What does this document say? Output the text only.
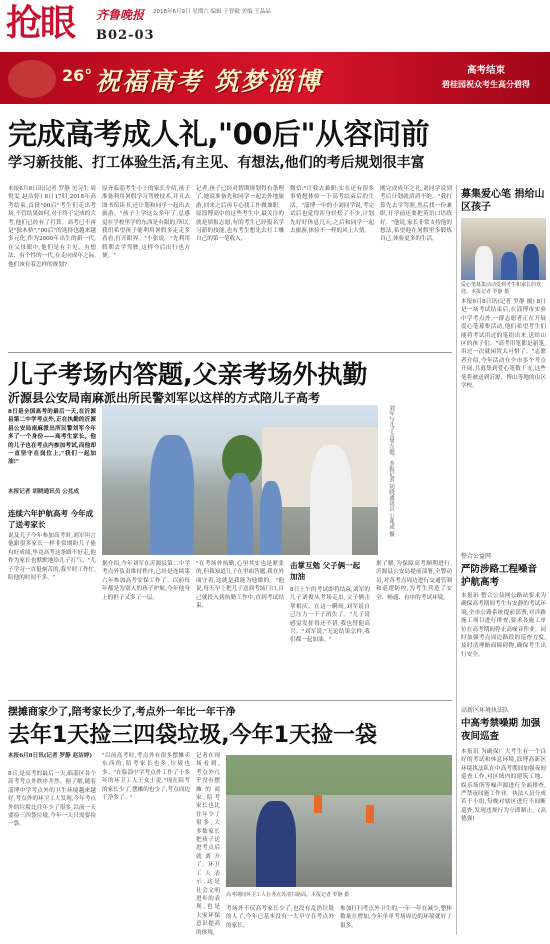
抢眼 齐鲁晚报 2018年6月9日 星期六 编辑 于智毅 美编 王晶晶
B02-03
26° 祝福高考 筑梦淄博	高考结束
碧桂园祝众考生高分碧得
完成高考成人礼,"00后"从容问前
学习新技能、打工体验生活,有主见、有想法,他们的考后规划很丰富
本报6月8日讯(记者 罗静 见习生 周悦雯 赵洁婷) 8日17时,2018年高考结束,首批"00后"考生们走出考场,不管结果如何,对于终于完成的大考,他们已经有了打算。高考已不再是"独木桥","00后"的选择也越来越多元化,作为2000年出生的新一代,在父母眼中,他们是有主见、有想法、有个性的一代,在走向成年之际,他们该有着怎样的规划?
原齐临淄考生小于的家长介绍,孩子准备利用暑假学习驾驶技术,并且去图书馆读书,还计划和同学一起出去旅游。"孩子上学这么多年了,总感觉在学校里学的东西是有限的,所以,我们希望孩子能利用暑假多走走多看看,打开眼界。"小张说。"先利用假期去学驾驶,这样今后出行也方便。"
记者,孩子已经对假期规划得有条理了,她说准备先和同学一起去外地旅游,回来之后再专心找工作做兼职。原淄博高中的这些考生中,最关注的就是填报志愿,有的考生已经报名学习新的技能,也有考生想先去打工赚自己的第一笔收入。
微信:"让我去兼职,实在还有很多事情想体验一下高考结束后的生活。"淄博一中的小刘同学说,考完试后也觉得浑身轻松了不少,计划先好好休息几天,之后和同学一起去旅游,体验不一样的风土人情。
刚完成成年之礼,刘同学说到考后计划就滔滔不绝。"我打算先去学驾照,然后找一份兼职,开学前还要把英语口语练好。"他说,家长非常支持他的想法,希望他在暑假里多锻炼自己,体验更多的生活。
募集爱心笔 捐给山区孩子
爱心笔募集活动受到考生和家长的欢迎。本报记者 罗静 摄
本报6月8日讯(记者 罗静 摄) 8日是一场考试结束后,在淄博市实验中学考点外,一群志愿者正在开展爱心笔募集活动,他们希望考生们能将考试用过的笔捐出来,送给山区的孩子们。"高考用笔都是新笔,用过一次就闲置太可惜了。"志愿者介绍,今年活动在全市多个考点开展,共募集到爱心笔数千支,这些笔将被送到沂源、博山等地的山区学校。
整合公益网
严防涉路工程噪音 护航高考
本报讯 整合公益网公路站要求为确保高考期间考生有安静的考试环境,全市公路系统提前部署,对涉路施工项目进行排查,要求各施工单位在高考期间停止高噪音作业。同时加强考点周边路段的巡查力度,及时清理路面障碍物,确保考生出行安全。
高新区环境执法队
中高考禁噪期 加强夜间巡查
本报讯 为确保广大考生有一个良好的考试和休息环境,淄博高新区环境执法队在中高考期间加强夜间巡查工作,对区域内的建筑工地、娱乐场所等噪声源进行全面排查,严禁夜间施工作业。执法人员分成若干小组,每晚对辖区进行不间断巡查,发现违规行为立即制止。(高德强)
儿子考场内答题,父亲考场外执勤
沂源县公安局南麻派出所民警刘军以这样的方式陪儿子高考
8日是全国高考的最后一天,在沂源县第二中学考点外,正在执勤的沂源县公安局南麻派出所民警刘军今年多了一个身份——高考生家长。他的儿子也在考点内参加考试,而他却一直坚守在岗位上,"我们一起加油!"
本报记者 胡晓通讯员 公兆成
连续六年护航高考 今年成了送考家长
说及儿子今年参加高考时,刘军坦言他跟很多家长一样非常期盼儿子能有好成绩,毕竟高考这条路不好走,他作为家长也默默地给儿子打气。"儿子学习一直挺刻苦的,我平时工作忙,陪他的时间不多。"
刘军与儿子击掌互勉。本报记者 胡晓通讯员 公兆成 摄
据介绍,今年刘军在沂源县第二中学考点外负责维持秩序,已经是连续第六年参加高考安保工作了。以前每年都是为别人的孩子护航,今年他身上的担子又多了一层。
"在考场外执勤,心里其实也是紧张的,但我知道儿子在里面答题,我在外面守着,这就是我能为他做的。"他说,每天早上把儿子送到考场门口,自己就投入到执勤工作中,直到考试结束。
击掌互勉 父子俩一起加油
8日上午的考试即将结束,刘军的儿子刘俊从考场走出,父子俩击掌相庆。在这一瞬间,刘军说自己压力一下子消失了。"儿子说感觉发挥得还不错,我也替他高兴。"刘军说,"无论结果怎样,我们都一起加油。"
据了解,为保障高考顺利进行,沂源县公安局提前部署,全警动员,对各考点周边进行交通管制和巡逻防控,为考生营造了安全、畅通、有序的考试环境。
摆摊商家少了,陪考家长少了,考点外一年比一年干净
去年1天捡三四袋垃圾,今年1天捡一袋
本报6月8日讯(记者 罗静 赵洁婷)
8日,是高考的最后一天,临淄区各个高考考点外秩序井然。据了解,随着淄博中学考点外的卫生环境越来越好,考点外的环卫工人发现,今年考点外的垃圾比往年少了很多,以前一天要捡三四袋垃圾,今年一天只需要捡一袋。
"以前高考时,考点外有很多摆摊卖东西的,陪考家长也多,垃圾也多。"在临淄中学考点外工作了十多年的环卫工人王女士说,"现在陪考的家长少了,摆摊的也少了,考点周边干净多了。"
记者在现场看到,考点外几乎没有摆摊的商家,陪考家长也比往年少了很多,大多数家长把孩子送进考点后就离开了。环卫工人表示,这是社会文明进步的表现,也是大家环保意识提高的体现。
高考期间环卫工人在考点外清扫路面。本报记者 罗静 摄
考场外不仅高考家长少了,也没有乱扔垃圾的人了,今年已基本没有一大早守在考点外的家长。
参加打扫考点外卫生的,一年一年在减少,整体数量在增加,今年单单考场周边的环境就好了很多。
